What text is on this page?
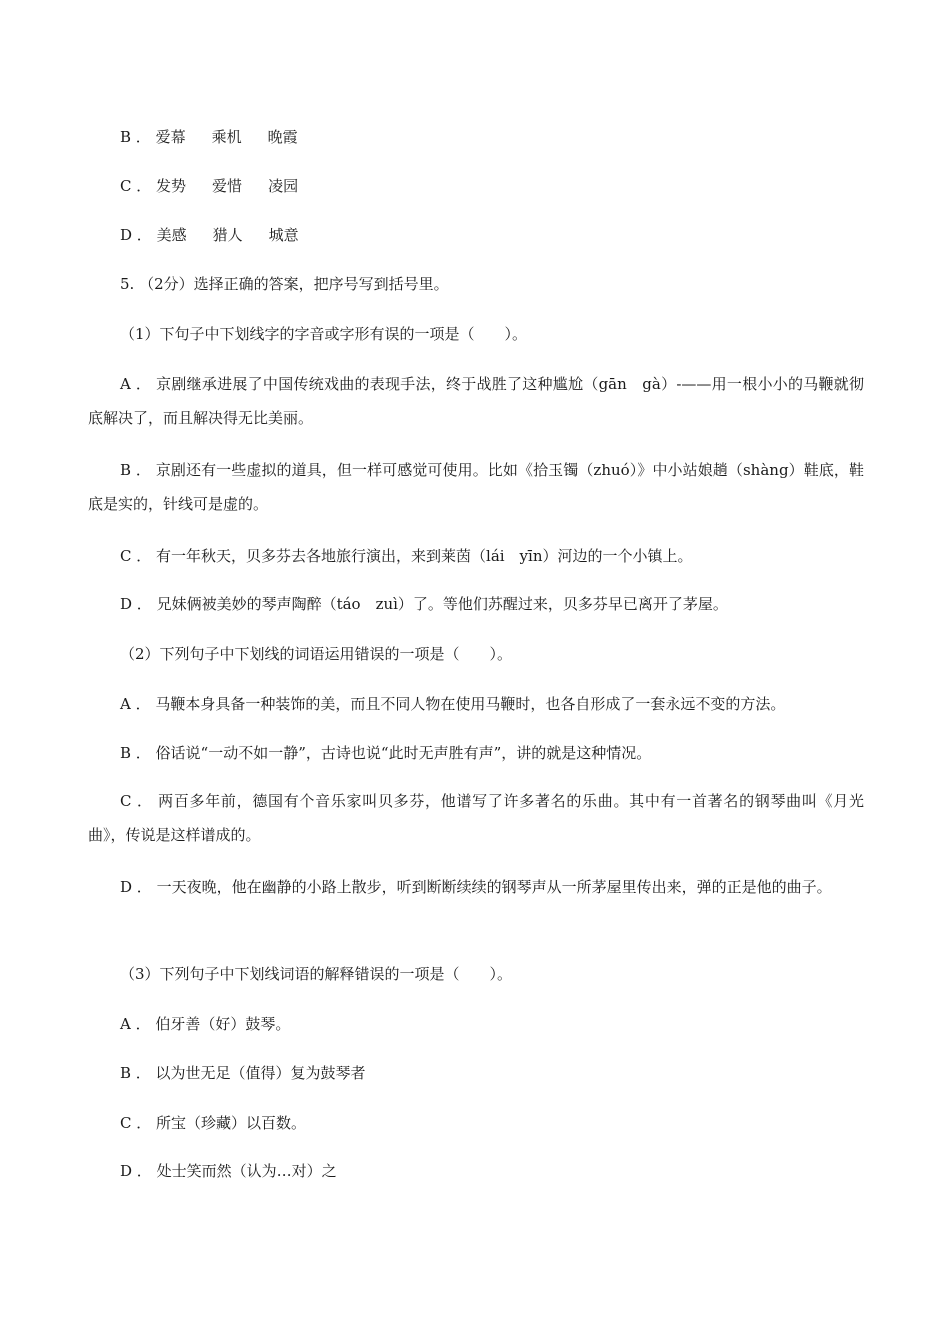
B ． 爱幕 乘机 晚霞
C ． 发势 爱惜 凌园
D ． 美感 猎人 城意
5. （2分）选择正确的答案，把序号写到括号里。
（1）下句子中下划线字的字音或字形有误的一项是（　　）。
A ． 京剧继承进展了中国传统戏曲的表现手法，终于战胜了这种尴尬（gān　gà）-——用一根小小的马鞭就彻底解决了，而且解决得无比美丽。
B ． 京剧还有一些虚拟的道具，但一样可感觉可使用。比如《拾玉镯（zhuó）》中小站娘趟（shàng）鞋底，鞋底是实的，针线可是虚的。
C ． 有一年秋天，贝多芬去各地旅行演出，来到莱茵（lái　yīn）河边的一个小镇上。
D ． 兄妹俩被美妙的琴声陶醉（táo　zuì）了。等他们苏醒过来，贝多芬早已离开了茅屋。
（2）下列句子中下划线的词语运用错误的一项是（　　）。
A ． 马鞭本身具备一种装饰的美，而且不同人物在使用马鞭时，也各自形成了一套永远不变的方法。
B ． 俗话说“一动不如一静”，古诗也说“此时无声胜有声”，讲的就是这种情况。
C ． 两百多年前，德国有个音乐家叫贝多芬，他谱写了许多著名的乐曲。其中有一首著名的钢琴曲叫《月光曲》，传说是这样谱成的。
D ． 一天夜晚，他在幽静的小路上散步，听到断断续续的钢琴声从一所茅屋里传出来，弹的正是他的曲子。
（3）下列句子中下划线词语的解释错误的一项是（　　）。
A ． 伯牙善（好）鼓琴。
B ． 以为世无足（值得）复为鼓琴者
C ． 所宝（珍藏）以百数。
D ． 处士笑而然（认为…对）之
